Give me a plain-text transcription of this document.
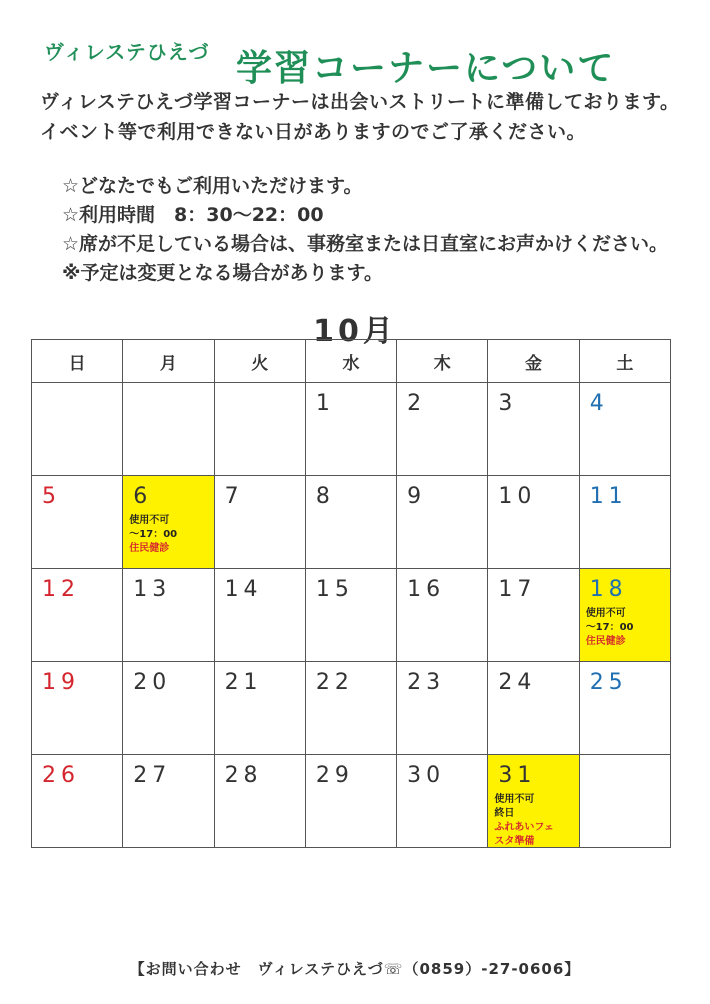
ヴィレステひえづ 学習コーナーについて
ヴィレステひえづ学習コーナーは出会いストリートに準備しております。イベント等で利用できない日がありますのでご了承ください。
☆どなたでもご利用いただけます。
☆利用時間　8：30～22：00
☆席が不足している場合は、事務室または日直室にお声かけください。
※予定は変更となる場合があります。
10月
日	月	火	水	木	金	土

			1	2	3	4

5	6
使用不可
～17：00
住民健診	7	8	9	10	11

12	13	14	15	16	17	18
使用不可
～17：00
住民健診

19	20	21	22	23	24	25

26	27	28	29	30	31
使用不可
終日
ふれあいフェ
スタ準備	

【お問い合わせ　ヴィレステひえづ☏（0859）-27-0606】
